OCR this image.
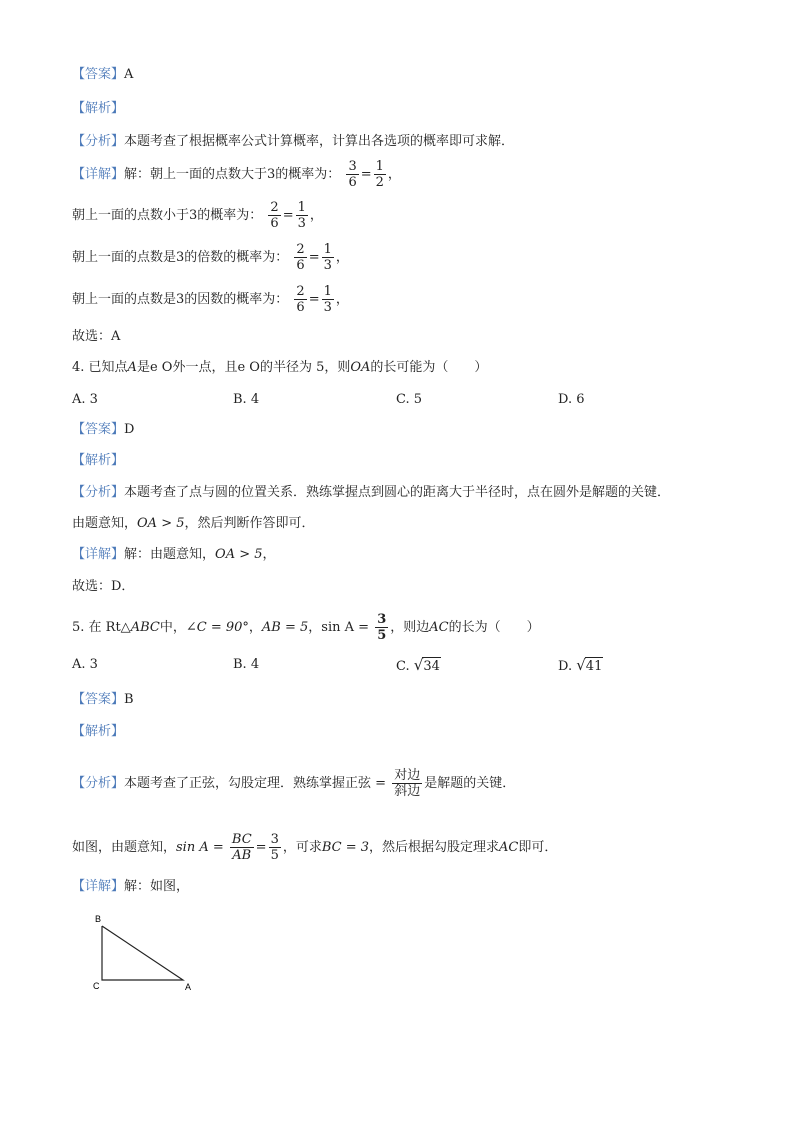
【答案】A
【解析】
【分析】本题考查了根据概率公式计算概率，计算出各选项的概率即可求解．
【详解】解：朝上一面的点数大于3的概率为： $\frac{3}{6} = \frac{1}{2}$ ，
朝上一面的点数小于3的概率为： $\frac{2}{6} = \frac{1}{3}$ ，
朝上一面的点数是3的倍数的概率为： $\frac{2}{6} = \frac{1}{3}$ ，
朝上一面的点数是3的因数的概率为： $\frac{2}{6} = \frac{1}{3}$ ，
故选：A
4. 已知点A是e O外一点，且e O的半径为 5，则OA的长可能为（　　）
A. 3	B. 4	C. 5	D. 6
【答案】D
【解析】
【分析】本题考查了点与圆的位置关系．熟练掌握点到圆心的距离大于半径时，点在圆外是解题的关键．
由题意知，OA > 5，然后判断作答即可．
【详解】解：由题意知，OA > 5，
故选：D．
5. 在 Rt△ABC中，∠C = 90°，AB = 5，$\sin A = \frac{3}{5}$ ，则边AC的长为（　　）
A. 3	B. 4	C. √34	D. √41
【答案】B
【解析】
【分析】本题考查了正弦，勾股定理．熟练掌握正弦 = $\frac{\text{对边}}{\text{斜边}}$ 是解题的关键．
如图，由题意知，$\sin A = \frac{BC}{AB} = \frac{3}{5}$ ，可求BC = 3，然后根据勾股定理求AC即可．
【详解】解：如图，
B
C	A
